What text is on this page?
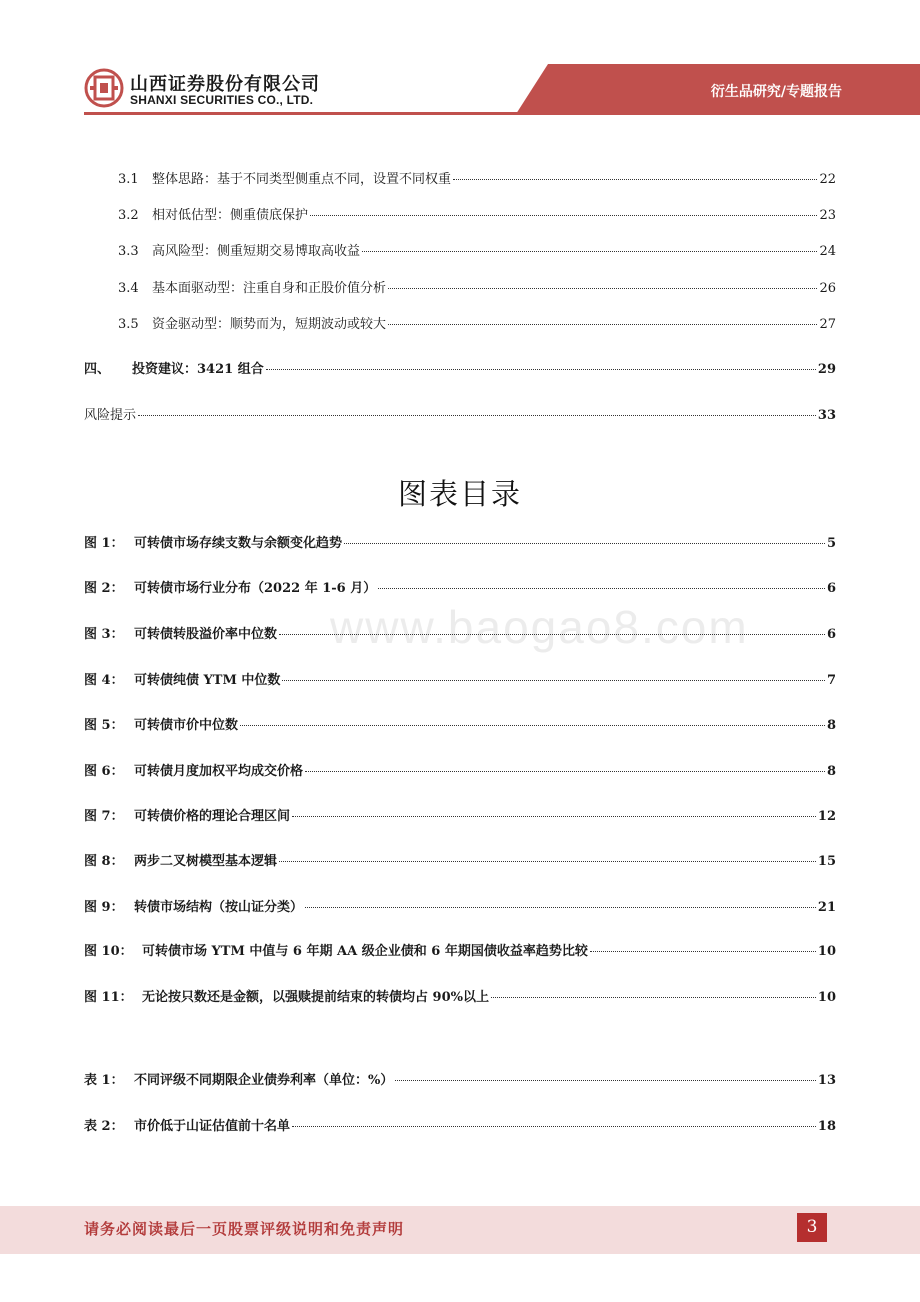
山西证券股份有限公司
SHANXI SECURITIES CO., LTD.	衍生品研究/专题报告
3.1	整体思路：基于不同类型侧重点不同，设置不同权重	22
3.2	相对低估型：侧重债底保护	23
3.3	高风险型：侧重短期交易博取高收益	24
3.4	基本面驱动型：注重自身和正股价值分析	26
3.5	资金驱动型：顺势而为，短期波动或较大	27
四、	投资建议：3421 组合	29
风险提示	33
图表目录
www.baogao8.com
图 1： 可转债市场存续支数与余额变化趋势	5
图 2： 可转债市场行业分布（2022 年 1-6 月）	6
图 3： 可转债转股溢价率中位数	6
图 4： 可转债纯债 YTM 中位数	7
图 5： 可转债市价中位数	8
图 6： 可转债月度加权平均成交价格	8
图 7： 可转债价格的理论合理区间	12
图 8： 两步二叉树模型基本逻辑	15
图 9： 转债市场结构（按山证分类）	21
图 10： 可转债市场 YTM 中值与 6 年期 AA 级企业债和 6 年期国债收益率趋势比较	10
图 11： 无论按只数还是金额，以强赎提前结束的转债均占 90%以上	10
表 1： 不同评级不同期限企业债券利率（单位：%）	13
表 2： 市价低于山证估值前十名单	18
请务必阅读最后一页股票评级说明和免责声明	3
